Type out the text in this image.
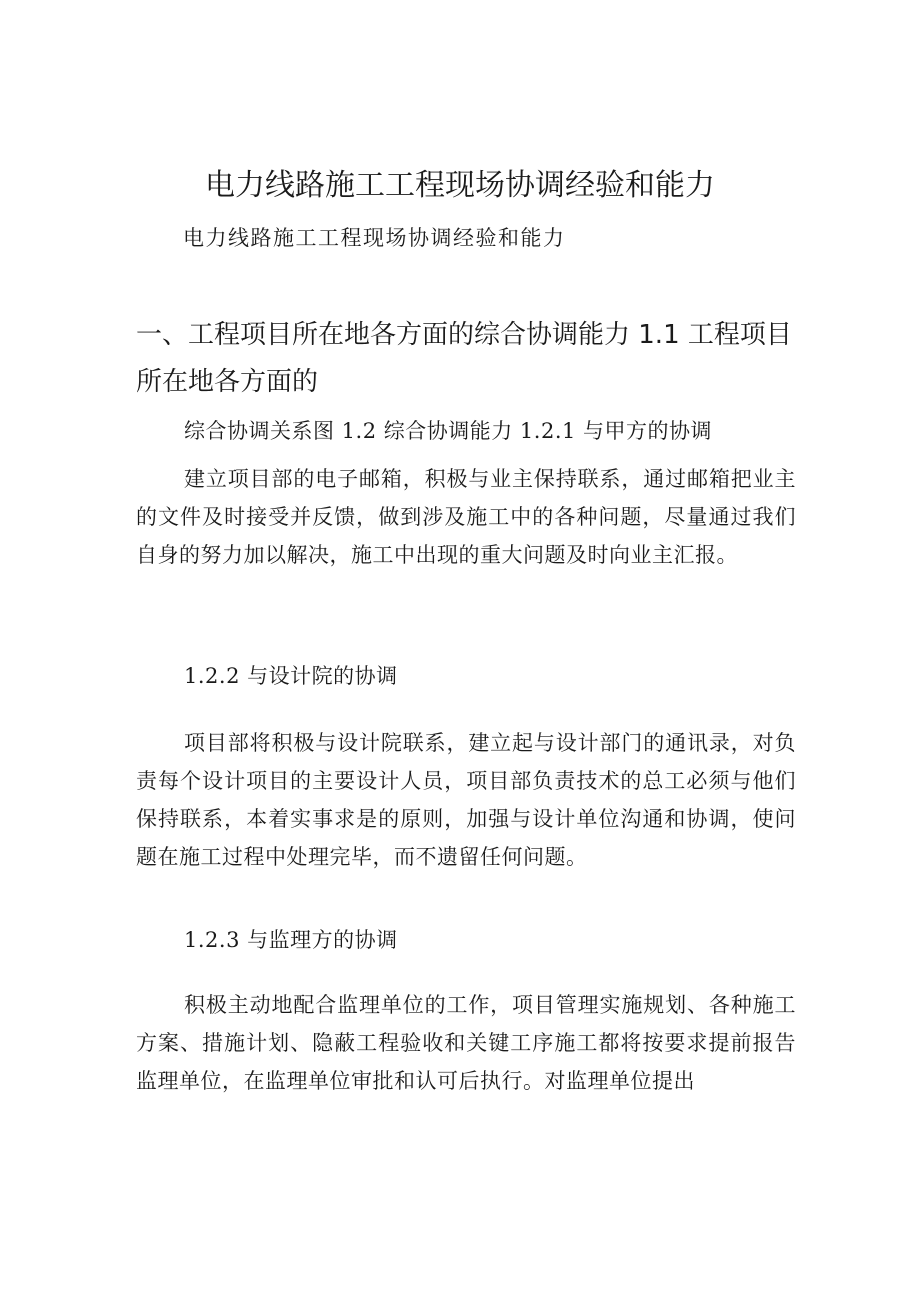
电力线路施工工程现场协调经验和能力

电力线路施工工程现场协调经验和能力

一、工程项目所在地各方面的综合协调能力 1.1 工程项目所在地各方面的

综合协调关系图 1.2 综合协调能力 1.2.1 与甲方的协调

建立项目部的电子邮箱，积极与业主保持联系，通过邮箱把业主的文件及时接受并反馈，做到涉及施工中的各种问题，尽量通过我们自身的努力加以解决，施工中出现的重大问题及时向业主汇报。

1.2.2 与设计院的协调

项目部将积极与设计院联系，建立起与设计部门的通讯录，对负责每个设计项目的主要设计人员，项目部负责技术的总工必须与他们保持联系，本着实事求是的原则，加强与设计单位沟通和协调，使问题在施工过程中处理完毕，而不遗留任何问题。

1.2.3 与监理方的协调

积极主动地配合监理单位的工作，项目管理实施规划、各种施工方案、措施计划、隐蔽工程验收和关键工序施工都将按要求提前报告监理单位，在监理单位审批和认可后执行。对监理单位提出
